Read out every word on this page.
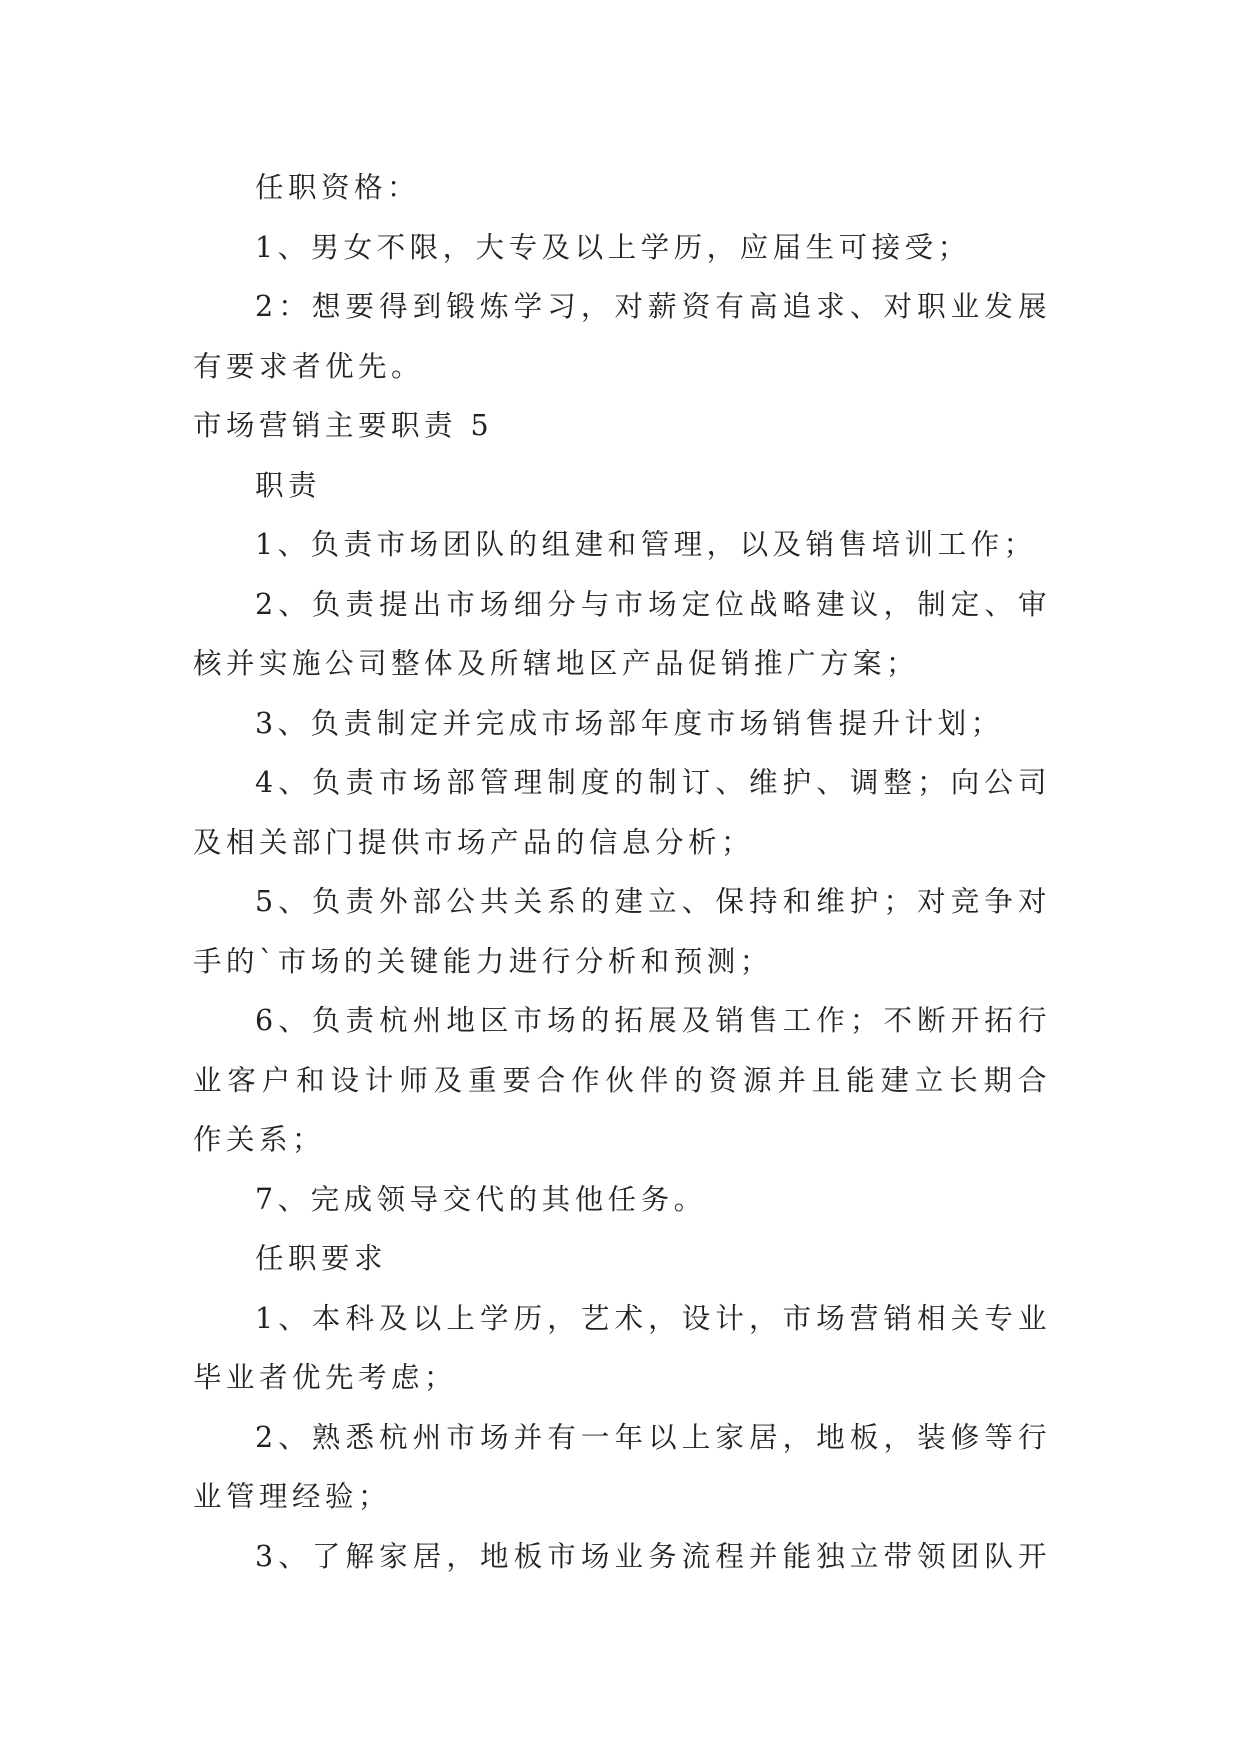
任职资格：
1、男女不限，大专及以上学历，应届生可接受；
2：想要得到锻炼学习，对薪资有高追求、对职业发展
有要求者优先。
市场营销主要职责 5
职责
1、负责市场团队的组建和管理，以及销售培训工作；
2、负责提出市场细分与市场定位战略建议，制定、审
核并实施公司整体及所辖地区产品促销推广方案；
3、负责制定并完成市场部年度市场销售提升计划；
4、负责市场部管理制度的制订、维护、调整；向公司
及相关部门提供市场产品的信息分析；
5、负责外部公共关系的建立、保持和维护；对竞争对
手的`市场的关键能力进行分析和预测；
6、负责杭州地区市场的拓展及销售工作；不断开拓行
业客户和设计师及重要合作伙伴的资源并且能建立长期合
作关系；
7、完成领导交代的其他任务。
任职要求
1、本科及以上学历，艺术，设计，市场营销相关专业
毕业者优先考虑；
2、熟悉杭州市场并有一年以上家居，地板，装修等行
业管理经验；
3、了解家居，地板市场业务流程并能独立带领团队开
